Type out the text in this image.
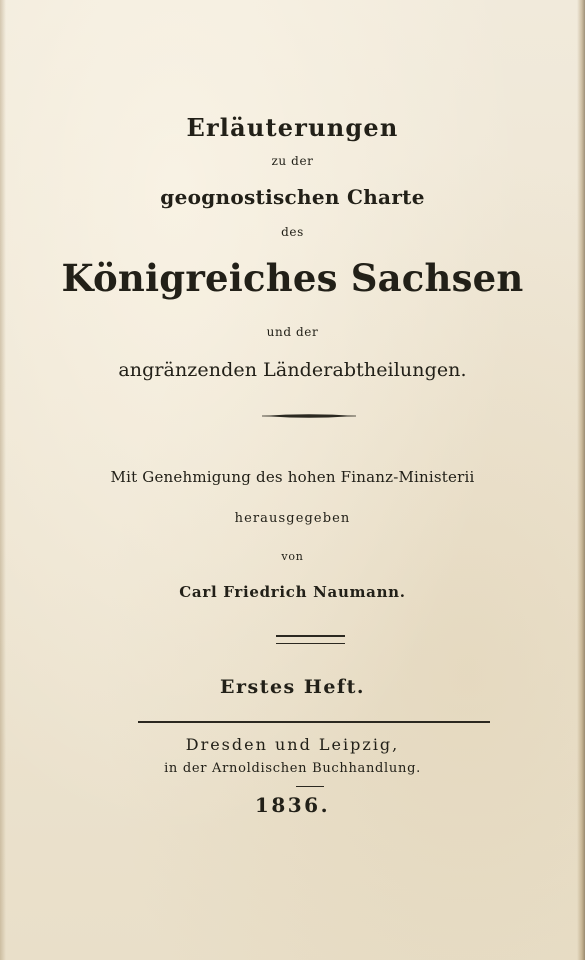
Erläuterungen
zu der
geognostischen Charte
des
Königreiches Sachsen
und der
angränzenden Länderabtheilungen.
Mit Genehmigung des hohen Finanz-Ministerii
herausgegeben
von
Carl Friedrich Naumann.
Erstes Heft.
Dresden und Leipzig,
in der Arnoldischen Buchhandlung.
1836.
